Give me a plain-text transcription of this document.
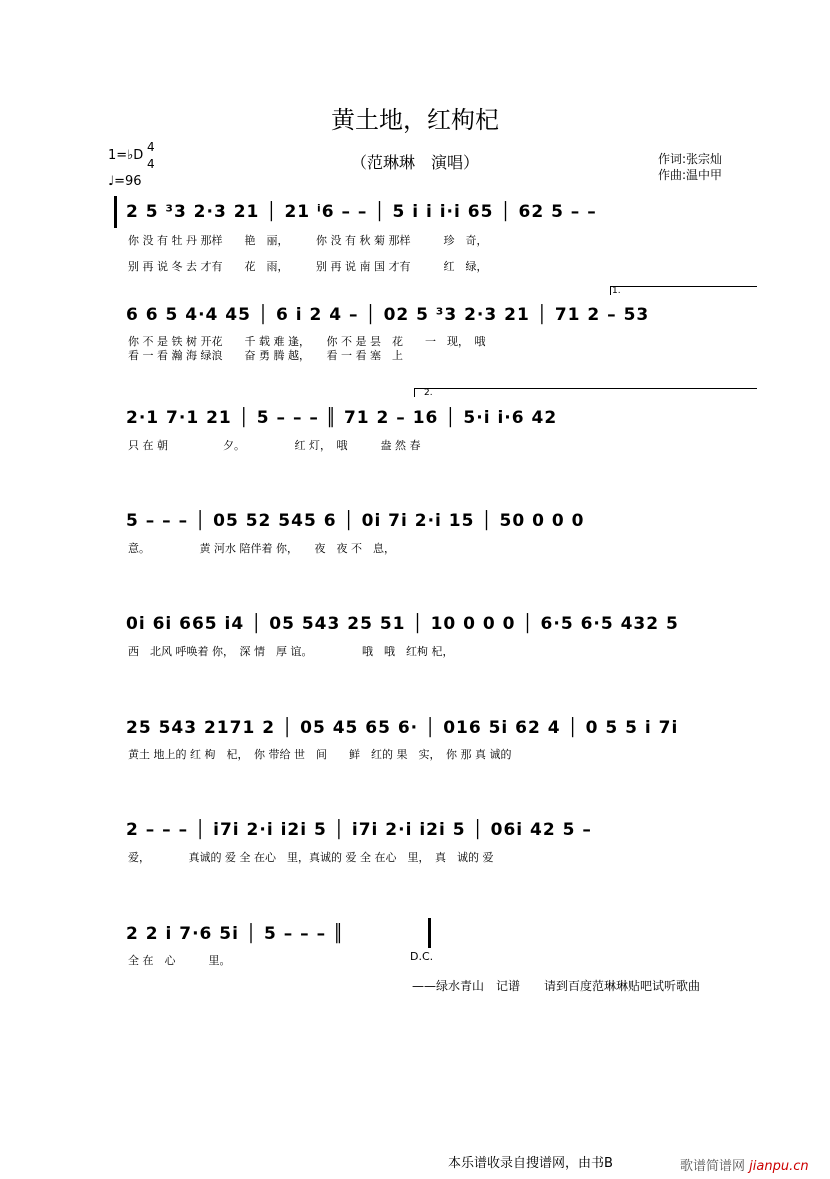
黄土地，红枸杞
（范琳琳　演唱）	作词:张宗灿
作曲:温中甲
1=♭D
4
4
♩=96
2 5 ³3 2·3 21 │ 21 ⁱ6 – – │ 5 i i i·i 65 │ 62 5 – –
你 没 有 牡 丹 那样　　艳　丽，　　　你 没 有 秋 菊 那样　　　珍　奇，
别 再 说 冬 去 才有　　花　雨，　　　别 再 说 南 国 才有　　　红　绿，
6 6 5 4·4 45 │ 6 i 2 4 – │ 02 5 ³3 2·3 21 │ 71 2 – 53
1.
你 不 是 铁 树 开花　　千 载 难 逢，　　你 不 是 昙　花　　一　现，　哦
看 一 看 瀚 海 绿浪　　奋 勇 腾 越，　　看 一 看 塞　上
2·1 7·1 21 │ 5 – – – ║ 71 2 – 16 │ 5·i i·6 42
2.
只 在 朝　　　　　夕。　　　　　红 灯，　哦　　　盎 然 春
5 – – – │ 05 52 545 6 │ 0i 7i 2·i 15 │ 50 0 0 0
意。　　　　　黄 河水 陪伴着 你，　　夜　夜 不　息，
0i 6i 665 i4 │ 05 543 25 51 │ 10 0 0 0 │ 6·5 6·5 432 5
西　北风 呼唤着 你，　深 情　厚 谊。　　　　　哦　哦　红枸 杞，
25 543 2171 2 │ 05 45 65 6· │ 016 5i 62 4 │ 0 5 5 i 7i
黄土 地上的 红 枸　杞，　你 带给 世　间　　鲜　红的 果　实，　你 那 真 诚的
2 – – – │ i7i 2·i i2i 5 │ i7i 2·i i2i 5 │ 06i 42 5 –
爱，　　　　真诚的 爱 全 在心　里，真诚的 爱 全 在心　里，　真　诚的 爱
2 2 i 7·6 5i │ 5 – – – ║
全 在　心　　　里。	D.C.
——绿水青山　记谱　　请到百度范琳琳贴吧试听歌曲
本乐谱收录自搜谱网，由书B	歌谱简谱网 jianpu.cn
